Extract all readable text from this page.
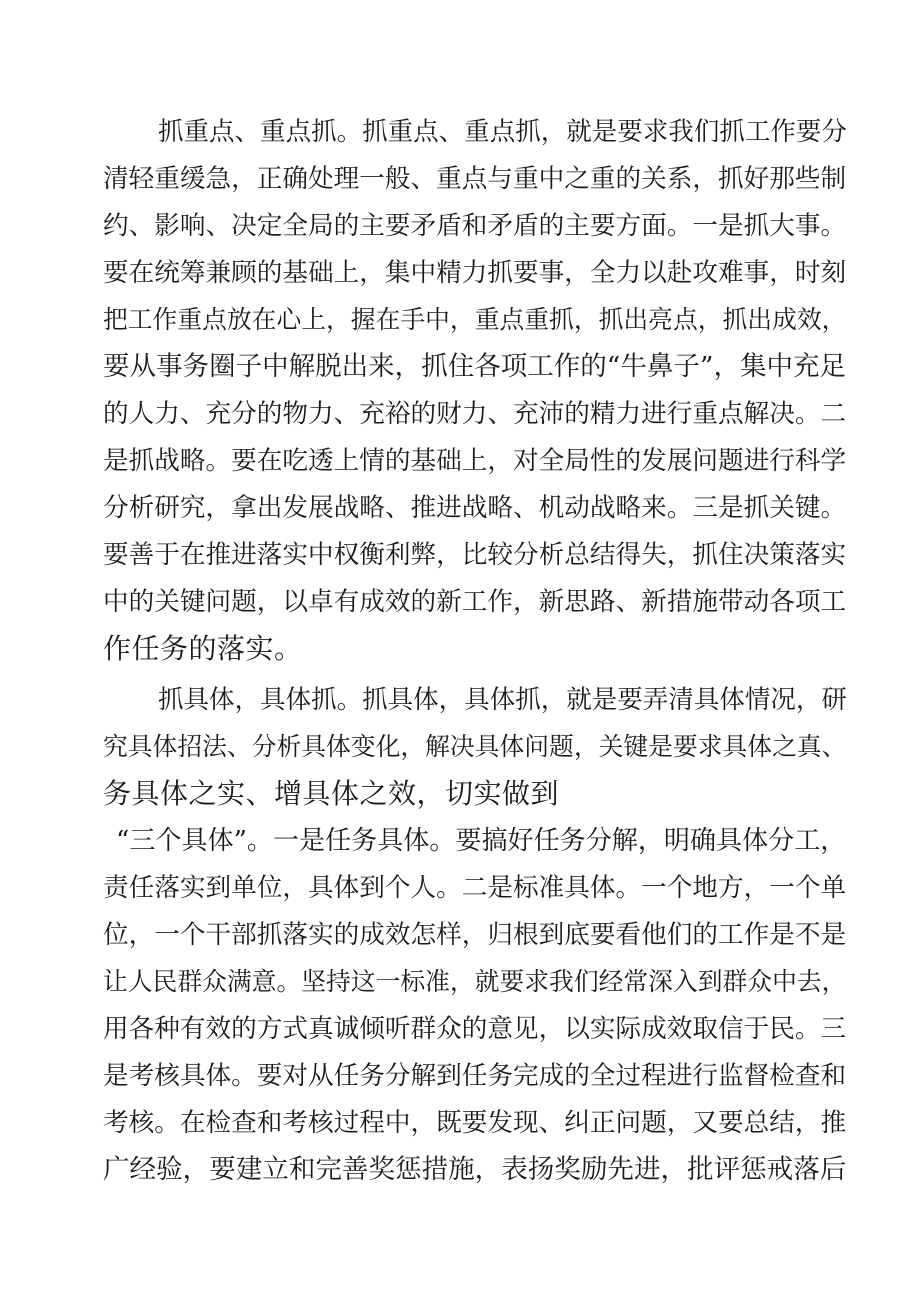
抓重点、重点抓。抓重点、重点抓，就是要求我们抓工作要分
清轻重缓急，正确处理一般、重点与重中之重的关系，抓好那些制
约、影响、决定全局的主要矛盾和矛盾的主要方面。一是抓大事。
要在统筹兼顾的基础上，集中精力抓要事，全力以赴攻难事，时刻
把工作重点放在心上，握在手中，重点重抓，抓出亮点，抓出成效，
要从事务圈子中解脱出来，抓住各项工作的“牛鼻子”，集中充足
的人力、充分的物力、充裕的财力、充沛的精力进行重点解决。二
是抓战略。要在吃透上情的基础上，对全局性的发展问题进行科学
分析研究，拿出发展战略、推进战略、机动战略来。三是抓关键。
要善于在推进落实中权衡利弊，比较分析总结得失，抓住决策落实
中的关键问题，以卓有成效的新工作，新思路、新措施带动各项工
作任务的落实。
抓具体，具体抓。抓具体，具体抓，就是要弄清具体情况，研
究具体招法、分析具体变化，解决具体问题，关键是要求具体之真、
务具体之实、增具体之效，切实做到
“三个具体”。一是任务具体。要搞好任务分解，明确具体分工，
责任落实到单位，具体到个人。二是标准具体。一个地方，一个单
位，一个干部抓落实的成效怎样，归根到底要看他们的工作是不是
让人民群众满意。坚持这一标准，就要求我们经常深入到群众中去，
用各种有效的方式真诚倾听群众的意见，以实际成效取信于民。三
是考核具体。要对从任务分解到任务完成的全过程进行监督检查和
考核。在检查和考核过程中，既要发现、纠正问题，又要总结，推
广经验，要建立和完善奖惩措施，表扬奖励先进，批评惩戒落后
